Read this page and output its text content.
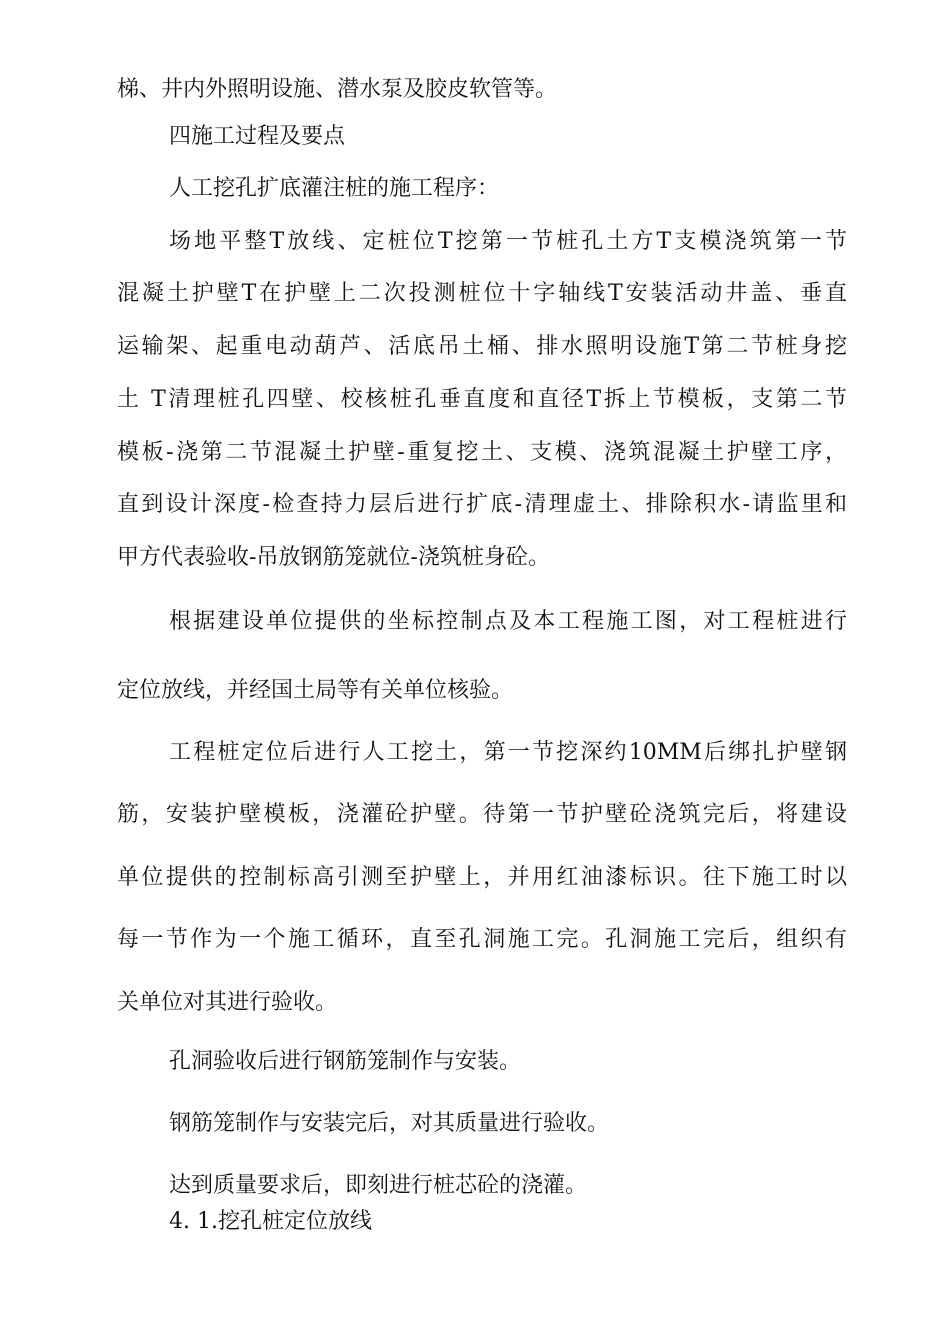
梯、井内外照明设施、潜水泵及胶皮软管等。
四施工过程及要点
人工挖孔扩底灌注桩的施工程序：
场地平整T放线、定桩位T挖第一节桩孔土方T支模浇筑第一节
混凝土护壁T在护壁上二次投测桩位十字轴线T安装活动井盖、垂直
运输架、起重电动葫芦、活底吊土桶、排水照明设施T第二节桩身挖
土 T清理桩孔四壁、校核桩孔垂直度和直径T拆上节模板，支第二节
模板-浇第二节混凝土护壁-重复挖土、支模、浇筑混凝土护壁工序，
直到设计深度-检查持力层后进行扩底-清理虚土、排除积水-请监里和
甲方代表验收-吊放钢筋笼就位-浇筑桩身砼。
根据建设单位提供的坐标控制点及本工程施工图，对工程桩进行
定位放线，并经国土局等有关单位核验。
工程桩定位后进行人工挖土，第一节挖深约10MM后绑扎护壁钢
筋，安装护壁模板，浇灌砼护壁。待第一节护壁砼浇筑完后，将建设
单位提供的控制标高引测至护壁上，并用红油漆标识。往下施工时以
每一节作为一个施工循环，直至孔洞施工完。孔洞施工完后，组织有
关单位对其进行验收。
孔洞验收后进行钢筋笼制作与安装。
钢筋笼制作与安装完后，对其质量进行验收。
达到质量要求后，即刻进行桩芯砼的浇灌。
4. 1.挖孔桩定位放线
